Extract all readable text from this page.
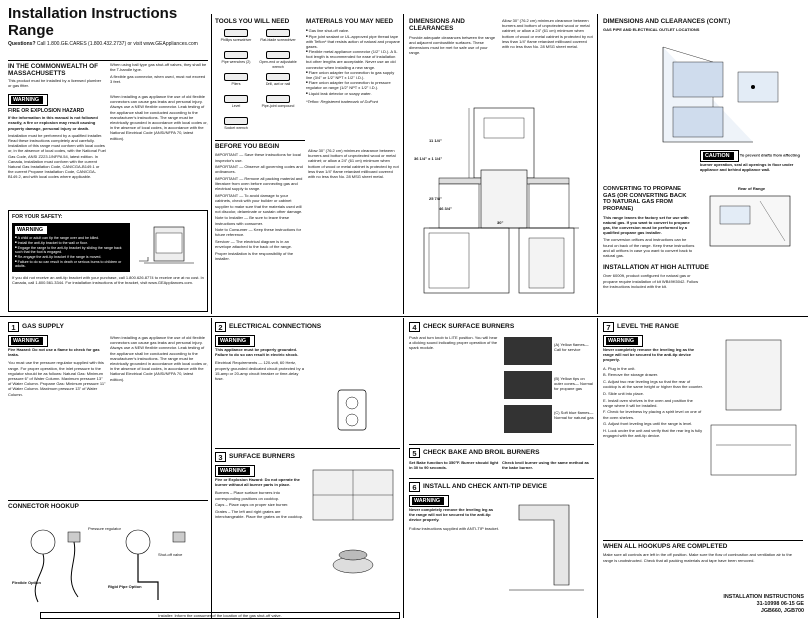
Installation Instructions Range
Questions? Call 1.800.GE.CARES (1.800.432.2737) or visit www.GEAppliances.com
IN THE COMMONWEALTH OF MASSACHUSETTS
This product must be installed by a licensed plumber or gas fitter.
When using ball type gas shut-off valves, they shall be the T-handle type.
A flexible gas connector, when used, must not exceed 3 feet.
WARNING
FIRE OR EXPLOSION HAZARD
If the information in this manual is not followed exactly, a fire or explosion may result causing property damage, personal injury or death.
Installation must be performed by a qualified installer. Read these instructions completely and carefully. Installation of this range must conform with local codes or, in the absence of local codes, with the National Fuel Gas Code, ANSI Z223.1/NFPA 54, latest edition. In Canada, installation must conform with the current Natural Gas Installation Code, CAN/CGA-B149.1 or the current Propane Installation Code, CAN/CGA-B149.2, and with local codes where applicable.
When installing a gas appliance the use of old flexible connectors can cause gas leaks and personal injury. Always use a NEW flexible connector. Leak testing of the appliance shall be conducted according to the manufacturer's instructions. The range must be electrically grounded in accordance with local codes or, in the absence of local codes, in accordance with the National Electrical Code (ANSI/NFPA 70, latest edition).
FOR YOUR SAFETY:
WARNING
■ A child or adult can tip the range over and be killed.
■ Install the anti-tip bracket to the wall or floor.
■ Engage the range to the anti-tip bracket by sliding the range back such that the foot is engaged.
■ Re-engage the anti-tip bracket if the range is moved.
■ Failure to do so can result in death or serious burns to children or adults.
If you did not receive an anti-tip bracket with your purchase, call 1.800.626.8774 to receive one at no cost. In Canada, call 1.800.561.3344. For installation instructions of the bracket, visit www.GEAppliances.com.
TOOLS YOU WILL NEED
Phillips screwdriver	Flat-blade screwdriver
Pipe wrenches (2)	Open-end or adjustable wrench
Pliers	Drill, awl or nail
Level	Pipe-joint compound
Socket wrench
MATERIALS YOU MAY NEED
■ Gas line shut-off valve.
■ Pipe joint sealant or UL-approved pipe thread tape with Teflon* that resists action of natural and propane gases.
■ Flexible metal appliance connector (1/2" I.D.). A 5-foot length is recommended for ease of installation but other lengths are acceptable. Never use an old connector when installing a new range.
■ Flare union adapter for connection to gas supply line (3/4" or 1/2" NPT x 1/2" I.D.).
■ Flare union adapter for connection to pressure regulator on range (1/2" NPT x 1/2" I.D.).
■ Liquid leak detector or soapy water.
*Teflon: Registered trademark of DuPont
BEFORE YOU BEGIN
IMPORTANT — Save these instructions for local inspector's use.
IMPORTANT — Observe all governing codes and ordinances.
IMPORTANT — Remove all packing material and literature from oven before connecting gas and electrical supply to range.
IMPORTANT — To avoid damage to your cabinets, check with your builder or cabinet supplier to make sure that the materials used will not discolor, delaminate or sustain other damage.
Note to Installer — Be sure to leave these instructions with consumer.
Note to Consumer — Keep these instructions for future reference.
Servicer — The electrical diagram is in an envelope attached to the back of the range.
Proper installation is the responsibility of the installer.
Allow 30" (76.2 cm) minimum clearance between burners and bottom of unprotected wood or metal cabinet; or allow a 24" (61 cm) minimum when bottom of wood or metal cabinet is protected by not less than 1/4" flame retardant millboard covered with no less than No. 28 MSG sheet metal.
DIMENSIONS AND CLEARANCES
Provide adequate clearances between the range and adjacent combustible surfaces. These dimensions must be met for safe use of your range.
Allow 30" (76.2 cm) minimum clearance between burners and bottom of unprotected wood or metal cabinet; or allow a 24" (61 cm) minimum when bottom of wood or metal cabinet is protected by not less than 1/4" flame retardant millboard covered with no less than No. 28 MSG sheet metal.
11 1/4"
36 1/4" x 1 1/4"
25 7/8"
46 3/4"
30"
DIMENSIONS AND CLEARANCES (CONT.)
GAS PIPE AND ELECTRICAL OUTLET LOCATIONS
CAUTION	To prevent drafts from affecting burner operation, seal all openings in floor under appliance and behind appliance wall.
CONVERTING TO PROPANE GAS (OR CONVERTING BACK TO NATURAL GAS FROM PROPANE)
This range leaves the factory set for use with natural gas. If you want to convert to propane gas, the conversion must be performed by a qualified propane gas installer.
The conversion orifices and instructions can be found on back of the range. Keep these instructions and all orifices in case you want to convert back to natural gas.
Rear of Range
INSTALLATION AT HIGH ALTITUDE
Over 6000ft, product configured for natural gas or propane require installation of kit WB49K5042. Follow the instructions included with the kit.
1 GAS SUPPLY
WARNING
Fire Hazard: Do not use a flame to check for gas leaks.
You must use the pressure regulator supplied with this range. For proper operation, the inlet pressure to the regulator should be as follows: Natural Gas: Minimum pressure 6" of Water Column. Maximum pressure 13" of Water Column. Propane Gas: Minimum pressure 11" of Water Column. Maximum pressure 13" of Water Column.
When installing a gas appliance the use of old flexible connectors can cause gas leaks and personal injury. Always use a NEW flexible connector. Leak testing of the appliance shall be conducted according to the manufacturer's instructions. The range must be electrically grounded in accordance with local codes or, in the absence of local codes, in accordance with the National Electrical Code (ANSI/NFPA 70, latest edition).
CONNECTOR HOOKUP
Flexible Option
Rigid Pipe Option
Pressure regulator
Shut-off valve
Installer: Inform the consumer of the location of the gas shut-off valve.
2 ELECTRICAL CONNECTIONS
WARNING
This appliance must be properly grounded. Failure to do so can result in electric shock.
Electrical Requirements — 120-volt, 60 Hertz, properly grounded dedicated circuit protected by a 15-amp or 20-amp circuit breaker or time-delay fuse.
3 SURFACE BURNERS
WARNING
Fire or Explosion Hazard: Do not operate the burner without all burner parts in place.
Burners – Place surface burners into corresponding positions on cooktop.
Caps – Place caps on proper size burner.
Grates – The left and right grates are interchangeable. Place the grates on the cooktop.
4 CHECK SURFACE BURNERS
Push and turn knob to LITE position. You will hear a clicking sound indicating proper operation of the spark module.
(A) Yellow flames— Call for service
(B) Yellow tips on outer cones— Normal for propane gas
(C) Soft blue flames— Normal for natural gas
5 CHECK BAKE AND BROIL BURNERS
Set Bake function to 350°F. Burner should light in 30 to 90 seconds.
Check broil burner using the same method as the bake burner.
6 INSTALL AND CHECK ANTI-TIP DEVICE
WARNING
Never completely remove the leveling leg as the range will not be secured to the anti-tip device properly.
Follow instructions supplied with ANTI-TIP bracket.
7 LEVEL THE RANGE
WARNING
Never completely remove the leveling leg as the range will not be secured to the anti-tip device properly.
A. Plug in the unit.
B. Remove the storage drawer.
C. Adjust two rear leveling legs so that the rear of cooktop is at the same height or higher than the counter.
D. Slide unit into place.
E. Install oven shelves in the oven and position the range where it will be installed.
F. Check for levelness by placing a spirit level on one of the oven shelves.
G. Adjust front leveling legs until the range is level.
H. Look under the unit and verify that the rear leg is fully engaged with the anti-tip device.
WHEN ALL HOOKUPS ARE COMPLETED
Make sure all controls are left in the off position. Make sure the flow of combustion and ventilation air to the range is unobstructed. Check that all packing materials and tape have been removed.
INSTALLATION INSTRUCTIONS
31-10998 06-15 GE
JGB660, JGB700
